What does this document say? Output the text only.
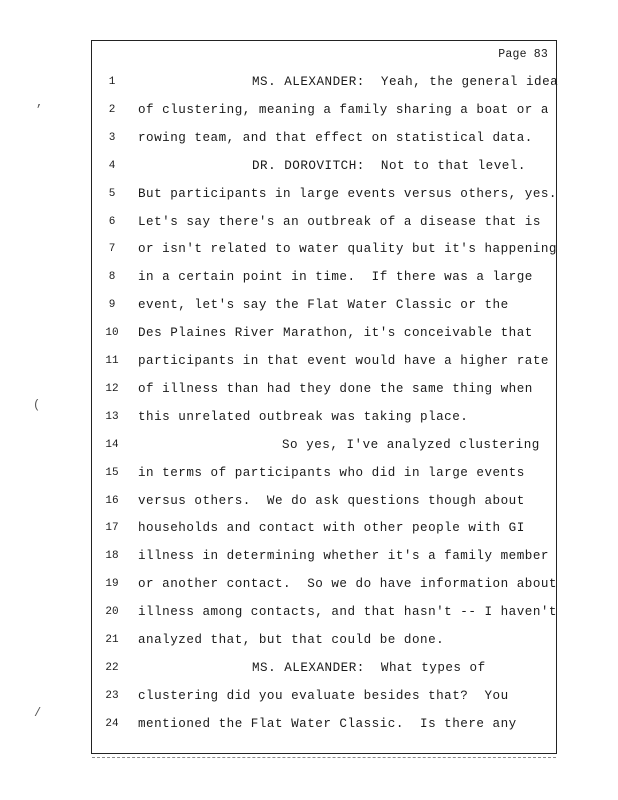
,
(
/
Page 83
1
2
3
4
5
6
7
8
9
10
11
12
13
14
15
16
17
18
19
20
21
22
23
24
MS. ALEXANDER:  Yeah, the general idea
of clustering, meaning a family sharing a boat or a
rowing team, and that effect on statistical data.
DR. DOROVITCH:  Not to that level.
But participants in large events versus others, yes.
Let's say there's an outbreak of a disease that is
or isn't related to water quality but it's happening
in a certain point in time.  If there was a large
event, let's say the Flat Water Classic or the
Des Plaines River Marathon, it's conceivable that
participants in that event would have a higher rate
of illness than had they done the same thing when
this unrelated outbreak was taking place.
So yes, I've analyzed clustering
in terms of participants who did in large events
versus others.  We do ask questions though about
households and contact with other people with GI
illness in determining whether it's a family member
or another contact.  So we do have information about
illness among contacts, and that hasn't -- I haven't
analyzed that, but that could be done.
MS. ALEXANDER:  What types of
clustering did you evaluate besides that?  You
mentioned the Flat Water Classic.  Is there any
